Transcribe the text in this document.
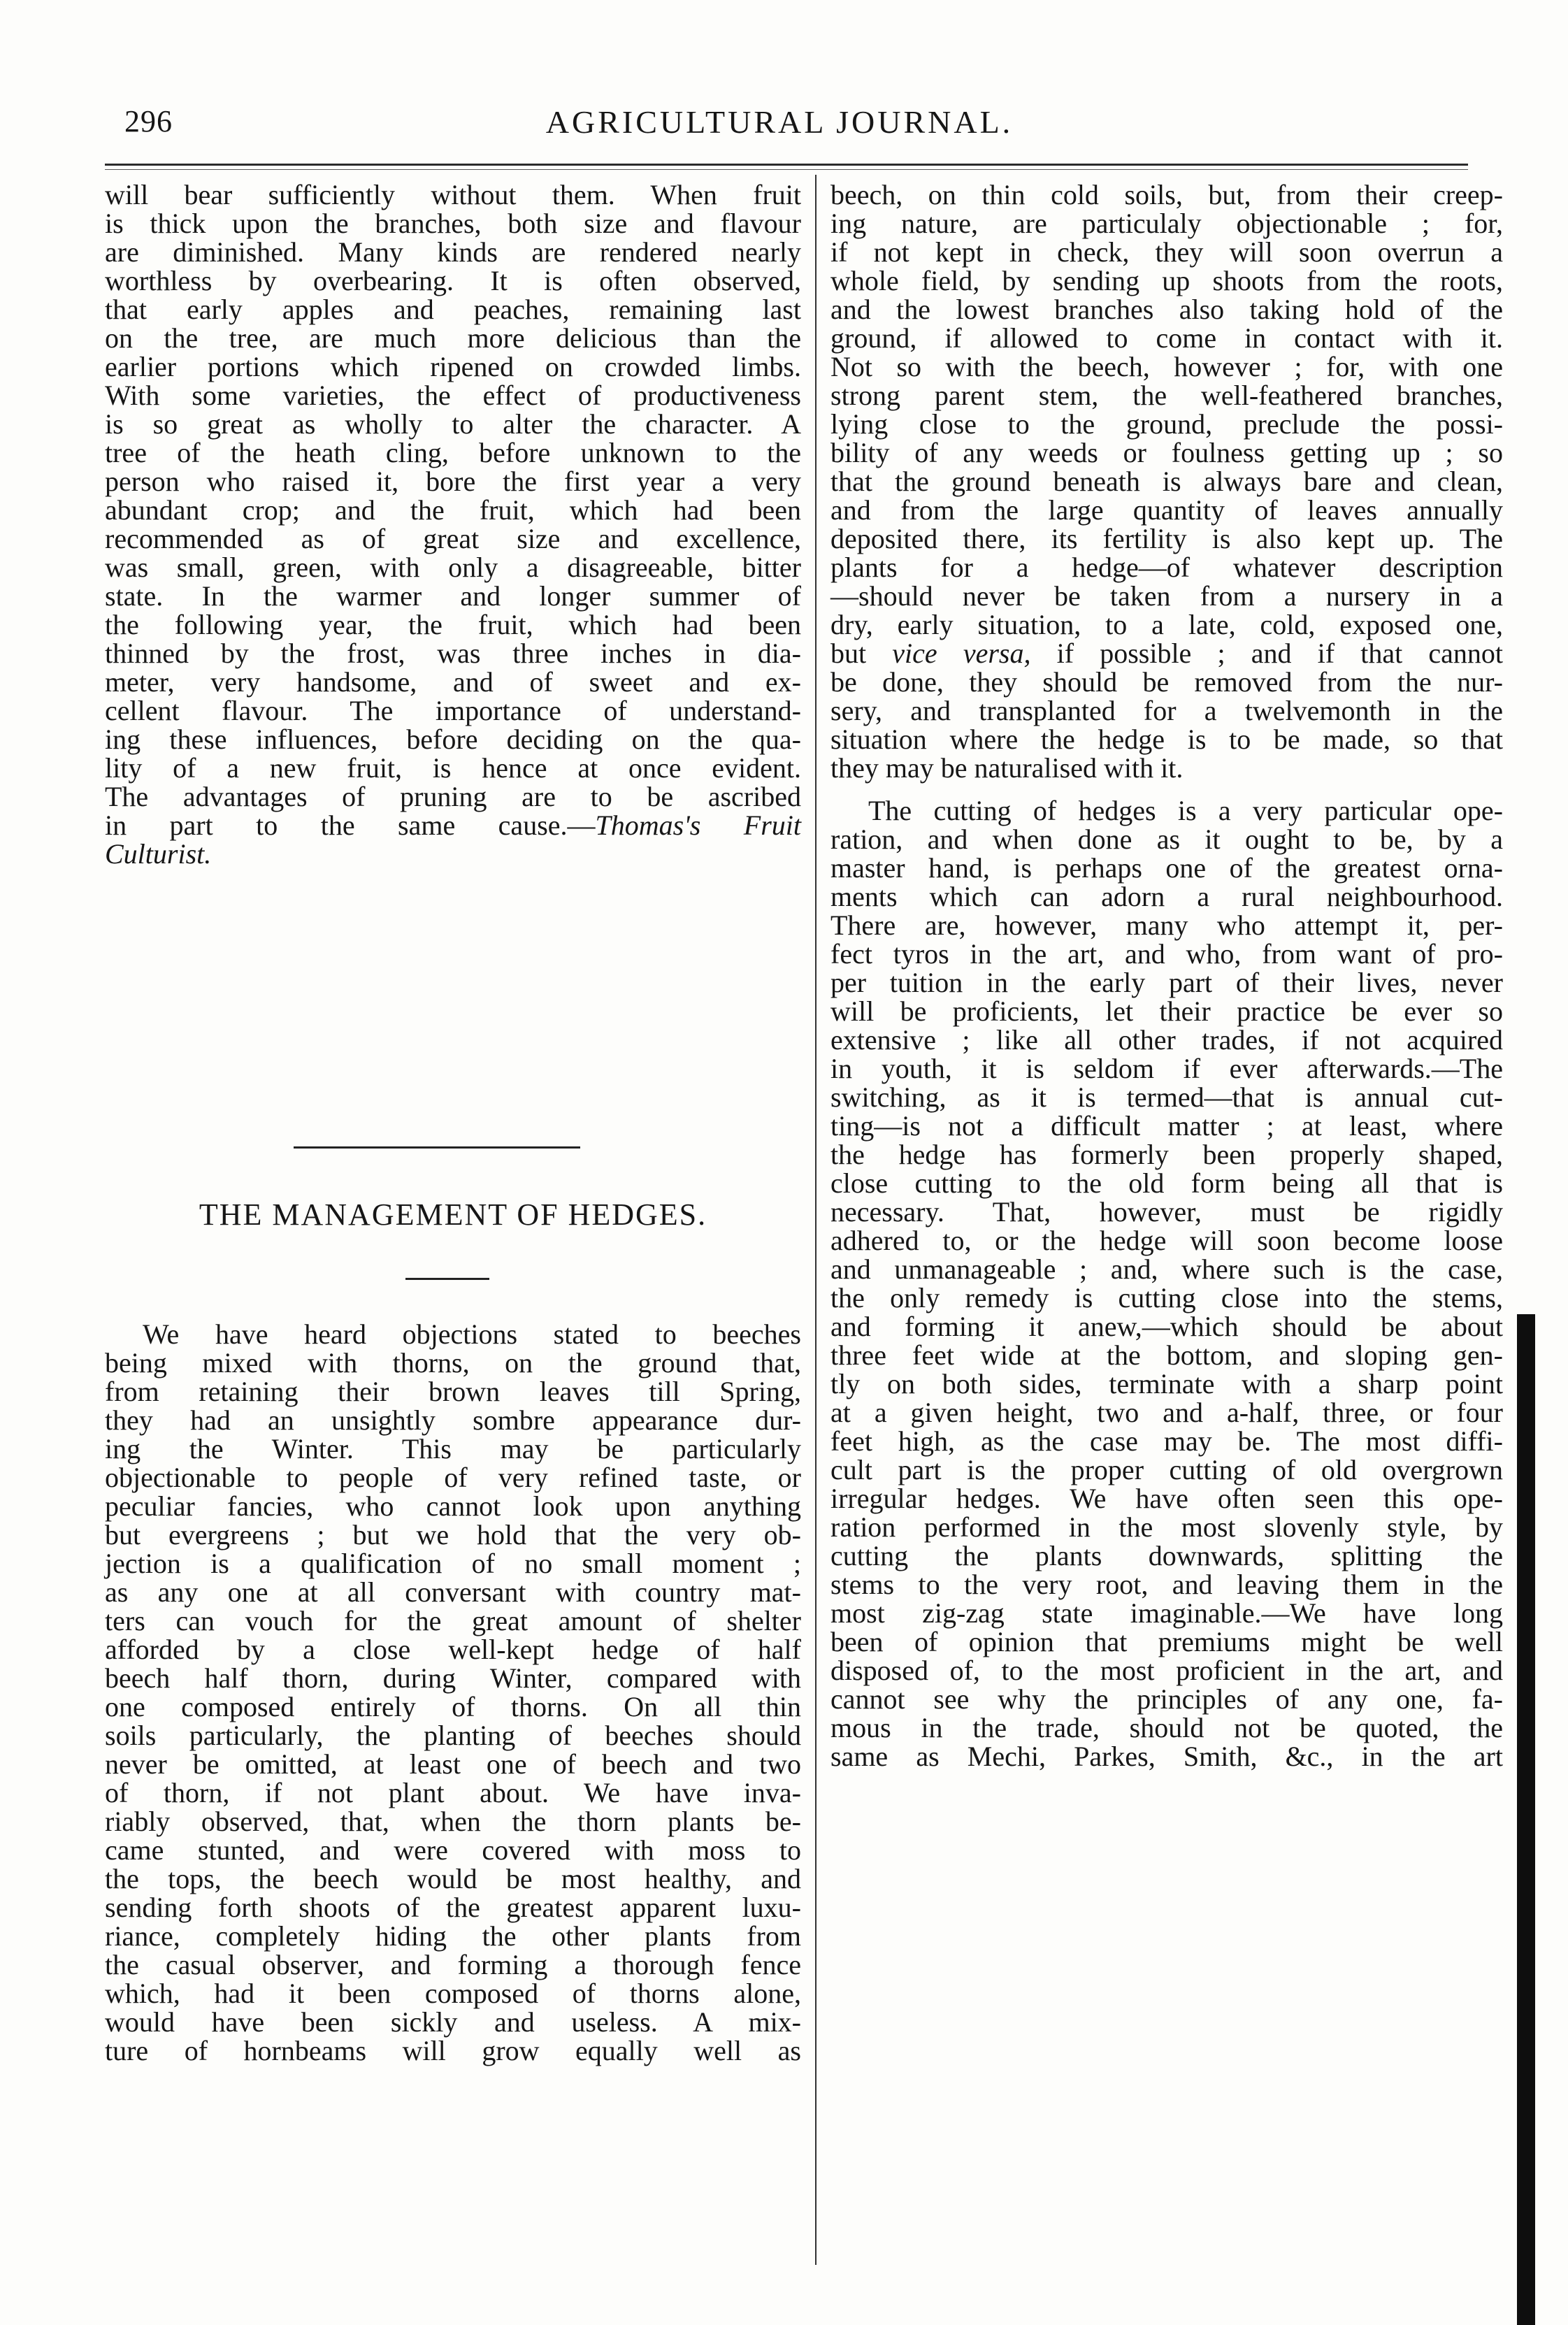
296	AGRICULTURAL JOURNAL.

will bear sufficiently without them. When fruit
is thick upon the branches, both size and flavour
are diminished. Many kinds are rendered nearly
worthless by overbearing. It is often observed,
that early apples and peaches, remaining last
on the tree, are much more delicious than the
earlier portions which ripened on crowded limbs.
With some varieties, the effect of productiveness
is so great as wholly to alter the character. A
tree of the heath cling, before unknown to the
person who raised it, bore the first year a very
abundant crop; and the fruit, which had been
recommended as of great size and excellence,
was small, green, with only a disagreeable, bitter
state. In the warmer and longer summer of
the following year, the fruit, which had been
thinned by the frost, was three inches in dia-
meter, very handsome, and of sweet and ex-
cellent flavour. The importance of understand-
ing these influences, before deciding on the qua-
lity of a new fruit, is hence at once evident.
The advantages of pruning are to be ascribed
in part to the same cause.—Thomas's Fruit
Culturist.

THE MANAGEMENT OF HEDGES.

We have heard objections stated to beeches
being mixed with thorns, on the ground that,
from retaining their brown leaves till Spring,
they had an unsightly sombre appearance dur-
ing the Winter. This may be particularly
objectionable to people of very refined taste, or
peculiar fancies, who cannot look upon anything
but evergreens ; but we hold that the very ob-
jection is a qualification of no small moment ;
as any one at all conversant with country mat-
ters can vouch for the great amount of shelter
afforded by a close well-kept hedge of half
beech half thorn, during Winter, compared with
one composed entirely of thorns. On all thin
soils particularly, the planting of beeches should
never be omitted, at least one of beech and two
of thorn, if not plant about. We have inva-
riably observed, that, when the thorn plants be-
came stunted, and were covered with moss to
the tops, the beech would be most healthy, and
sending forth shoots of the greatest apparent luxu-
riance, completely hiding the other plants from
the casual observer, and forming a thorough fence
which, had it been composed of thorns alone,
would have been sickly and useless. A mix-
ture of hornbeams will grow equally well as

beech, on thin cold soils, but, from their creep-
ing nature, are particulaly objectionable ; for,
if not kept in check, they will soon overrun a
whole field, by sending up shoots from the roots,
and the lowest branches also taking hold of the
ground, if allowed to come in contact with it.
Not so with the beech, however ; for, with one
strong parent stem, the well-feathered branches,
lying close to the ground, preclude the possi-
bility of any weeds or foulness getting up ; so
that the ground beneath is always bare and clean,
and from the large quantity of leaves annually
deposited there, its fertility is also kept up. The
plants for a hedge—of whatever description
—should never be taken from a nursery in a
dry, early situation, to a late, cold, exposed one,

but vice versa, if possible ; and if that cannot

be done, they should be removed from the nur-
sery, and transplanted for a twelvemonth in the
situation where the hedge is to be made, so that
they may be naturalised with it.

The cutting of hedges is a very particular ope-
ration, and when done as it ought to be, by a
master hand, is perhaps one of the greatest orna-
ments which can adorn a rural neighbourhood.
There are, however, many who attempt it, per-
fect tyros in the art, and who, from want of pro-
per tuition in the early part of their lives, never
will be proficients, let their practice be ever so
extensive ; like all other trades, if not acquired
in youth, it is seldom if ever afterwards.—The
switching, as it is termed—that is annual cut-
ting—is not a difficult matter ; at least, where
the hedge has formerly been properly shaped,
close cutting to the old form being all that is
necessary. That, however, must be rigidly
adhered to, or the hedge will soon become loose
and unmanageable ; and, where such is the case,
the only remedy is cutting close into the stems,
and forming it anew,—which should be about
three feet wide at the bottom, and sloping gen-
tly on both sides, terminate with a sharp point
at a given height, two and a-half, three, or four
feet high, as the case may be. The most diffi-
cult part is the proper cutting of old overgrown
irregular hedges. We have often seen this ope-
ration performed in the most slovenly style, by
cutting the plants downwards, splitting the
stems to the very root, and leaving them in the
most zig-zag state imaginable.—We have long
been of opinion that premiums might be well
disposed of, to the most proficient in the art, and
cannot see why the principles of any one, fa-
mous in the trade, should not be quoted, the
same as Mechi, Parkes, Smith, &c., in the art
